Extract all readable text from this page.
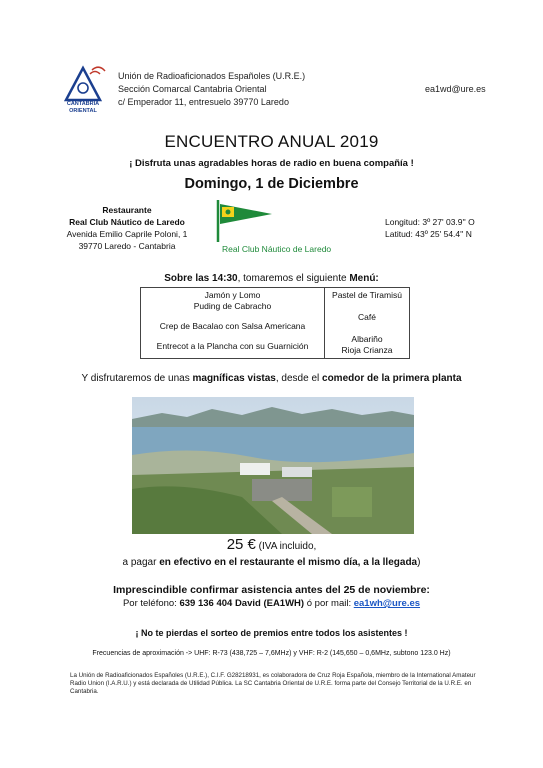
CANTABRIA
ORIENTAL
Unión de Radioaficionados Españoles (U.R.E.)
Sección Comarcal Cantabria Oriental
c/ Emperador 11, entresuelo 39770 Laredo
ea1wd@ure.es
ENCUENTRO ANUAL 2019
¡ Disfruta unas agradables horas de radio en buena compañía !
Domingo, 1 de Diciembre
Restaurante
Real Club Náutico de Laredo
Avenida Emilio Caprile Poloni, 1
39770 Laredo - Cantabria	Real Club Náutico de Laredo
Longitud: 3º 27' 03.9'' O
Latitud: 43º 25' 54.4'' N
Sobre las 14:30, tomaremos el siguiente Menú:
Jamón y Lomo
Puding de Cabracho
Crep de Bacalao con Salsa Americana
Entrecot a la Plancha con su Guarnición

Pastel de Tiramisú
Café
Albariño
Rioja Crianza
Y disfrutaremos de unas magníficas vistas, desde el comedor de la primera planta
25 € (IVA incluido,
a pagar en efectivo en el restaurante el mismo día, a la llegada)
Imprescindible confirmar asistencia antes del 25 de noviembre:
Por teléfono: 639 136 404 David (EA1WH) ó por mail: ea1wh@ure.es
¡ No te pierdas el sorteo de premios entre todos los asistentes !
Frecuencias de aproximación -> UHF: R-73 (438,725 – 7,6MHz) y VHF: R-2 (145,650 – 0,6MHz, subtono 123.0 Hz)
La Unión de Radioaficionados Españoles (U.R.E.), C.I.F. G28218931, es colaboradora de Cruz Roja Española, miembro de la International Amateur Radio Union (I.A.R.U.) y está declarada de Utilidad Pública. La SC Cantabria Oriental de U.R.E. forma parte del Consejo Territorial de la U.R.E. en Cantabria.
